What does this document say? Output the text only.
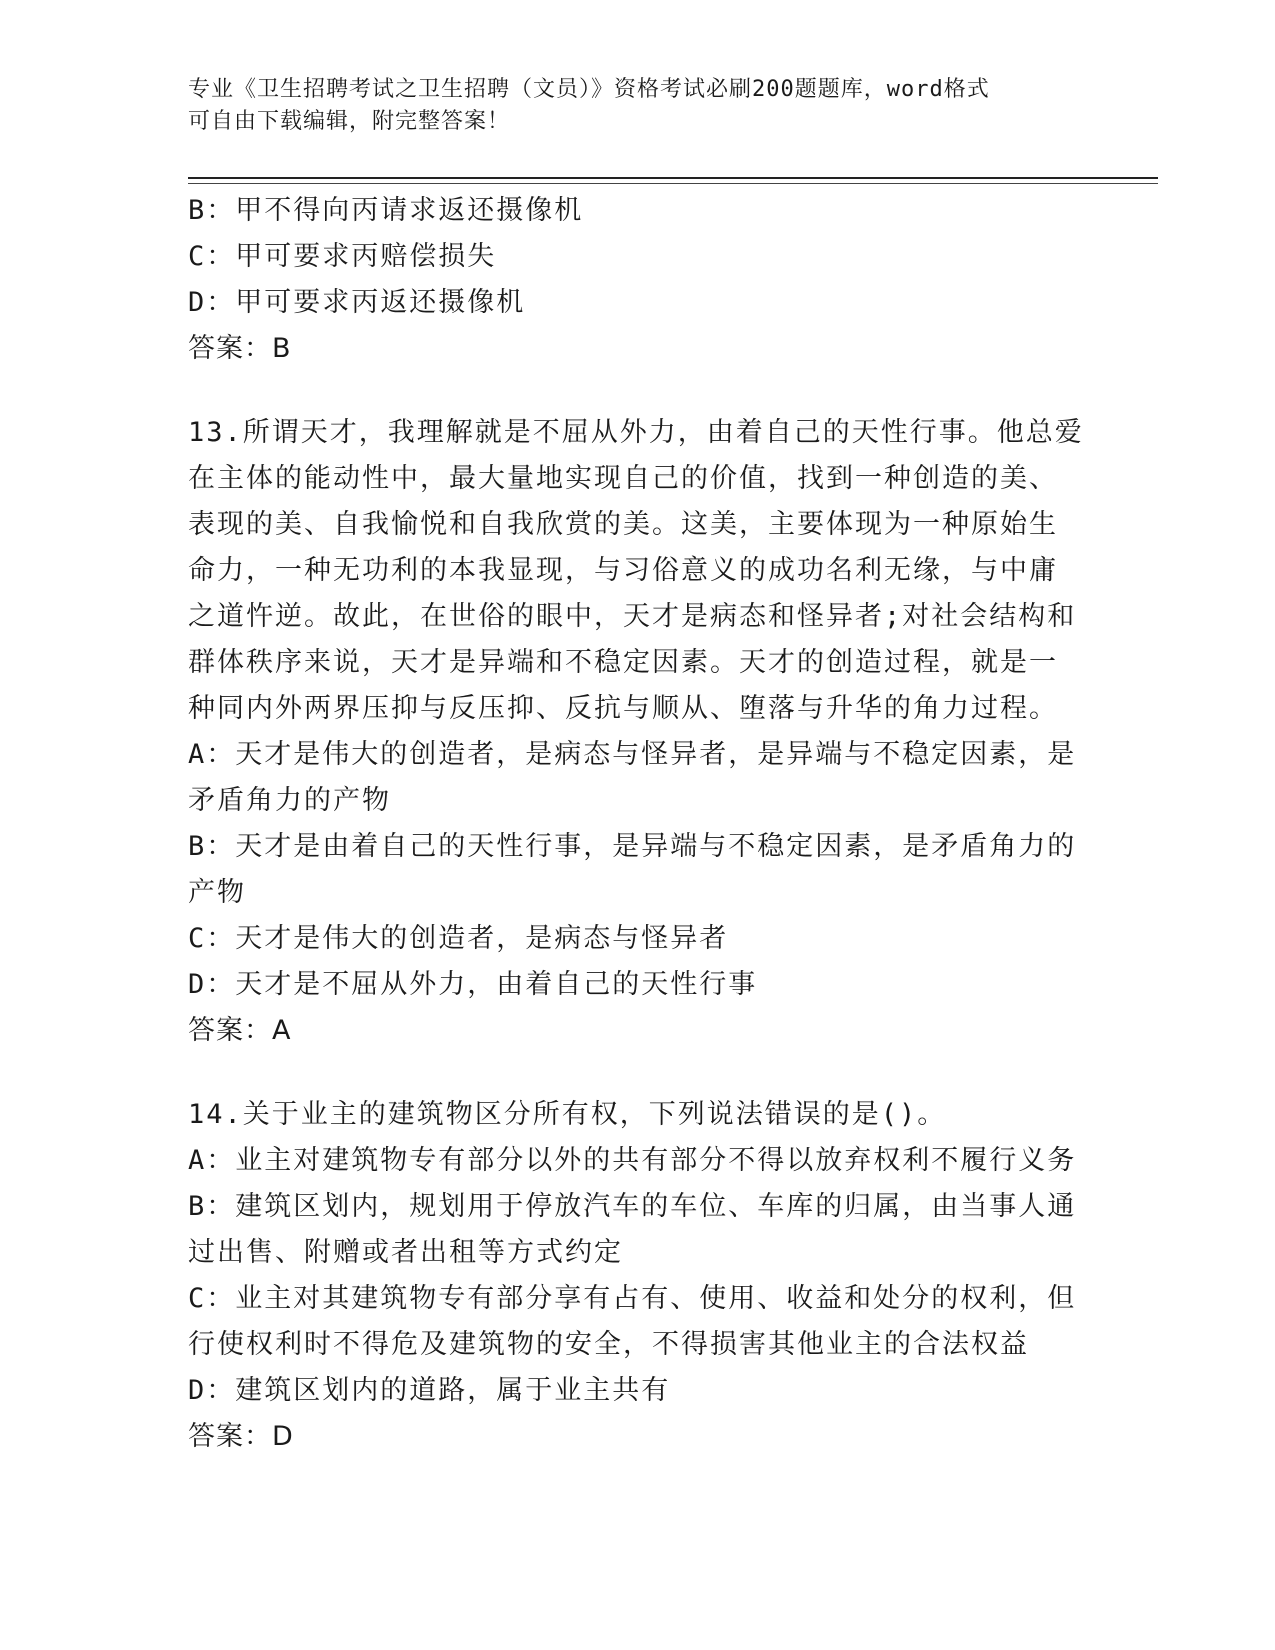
专业《卫生招聘考试之卫生招聘（文员）》资格考试必刷200题题库，word格式
可自由下载编辑，附完整答案！
B：甲不得向丙请求返还摄像机
C：甲可要求丙赔偿损失
D：甲可要求丙返还摄像机
答案：B
13.所谓天才，我理解就是不屈从外力，由着自己的天性行事。他总爱
在主体的能动性中，最大量地实现自己的价值，找到一种创造的美、
表现的美、自我愉悦和自我欣赏的美。这美，主要体现为一种原始生
命力，一种无功利的本我显现，与习俗意义的成功名利无缘，与中庸
之道忤逆。故此，在世俗的眼中，天才是病态和怪异者;对社会结构和
群体秩序来说，天才是异端和不稳定因素。天才的创造过程，就是一
种同内外两界压抑与反压抑、反抗与顺从、堕落与升华的角力过程。
A：天才是伟大的创造者，是病态与怪异者，是异端与不稳定因素，是
矛盾角力的产物
B：天才是由着自己的天性行事，是异端与不稳定因素，是矛盾角力的
产物
C：天才是伟大的创造者，是病态与怪异者
D：天才是不屈从外力，由着自己的天性行事
答案：A
14.关于业主的建筑物区分所有权，下列说法错误的是()。
A：业主对建筑物专有部分以外的共有部分不得以放弃权利不履行义务
B：建筑区划内，规划用于停放汽车的车位、车库的归属，由当事人通
过出售、附赠或者出租等方式约定
C：业主对其建筑物专有部分享有占有、使用、收益和处分的权利，但
行使权利时不得危及建筑物的安全，不得损害其他业主的合法权益
D：建筑区划内的道路，属于业主共有
答案：D
